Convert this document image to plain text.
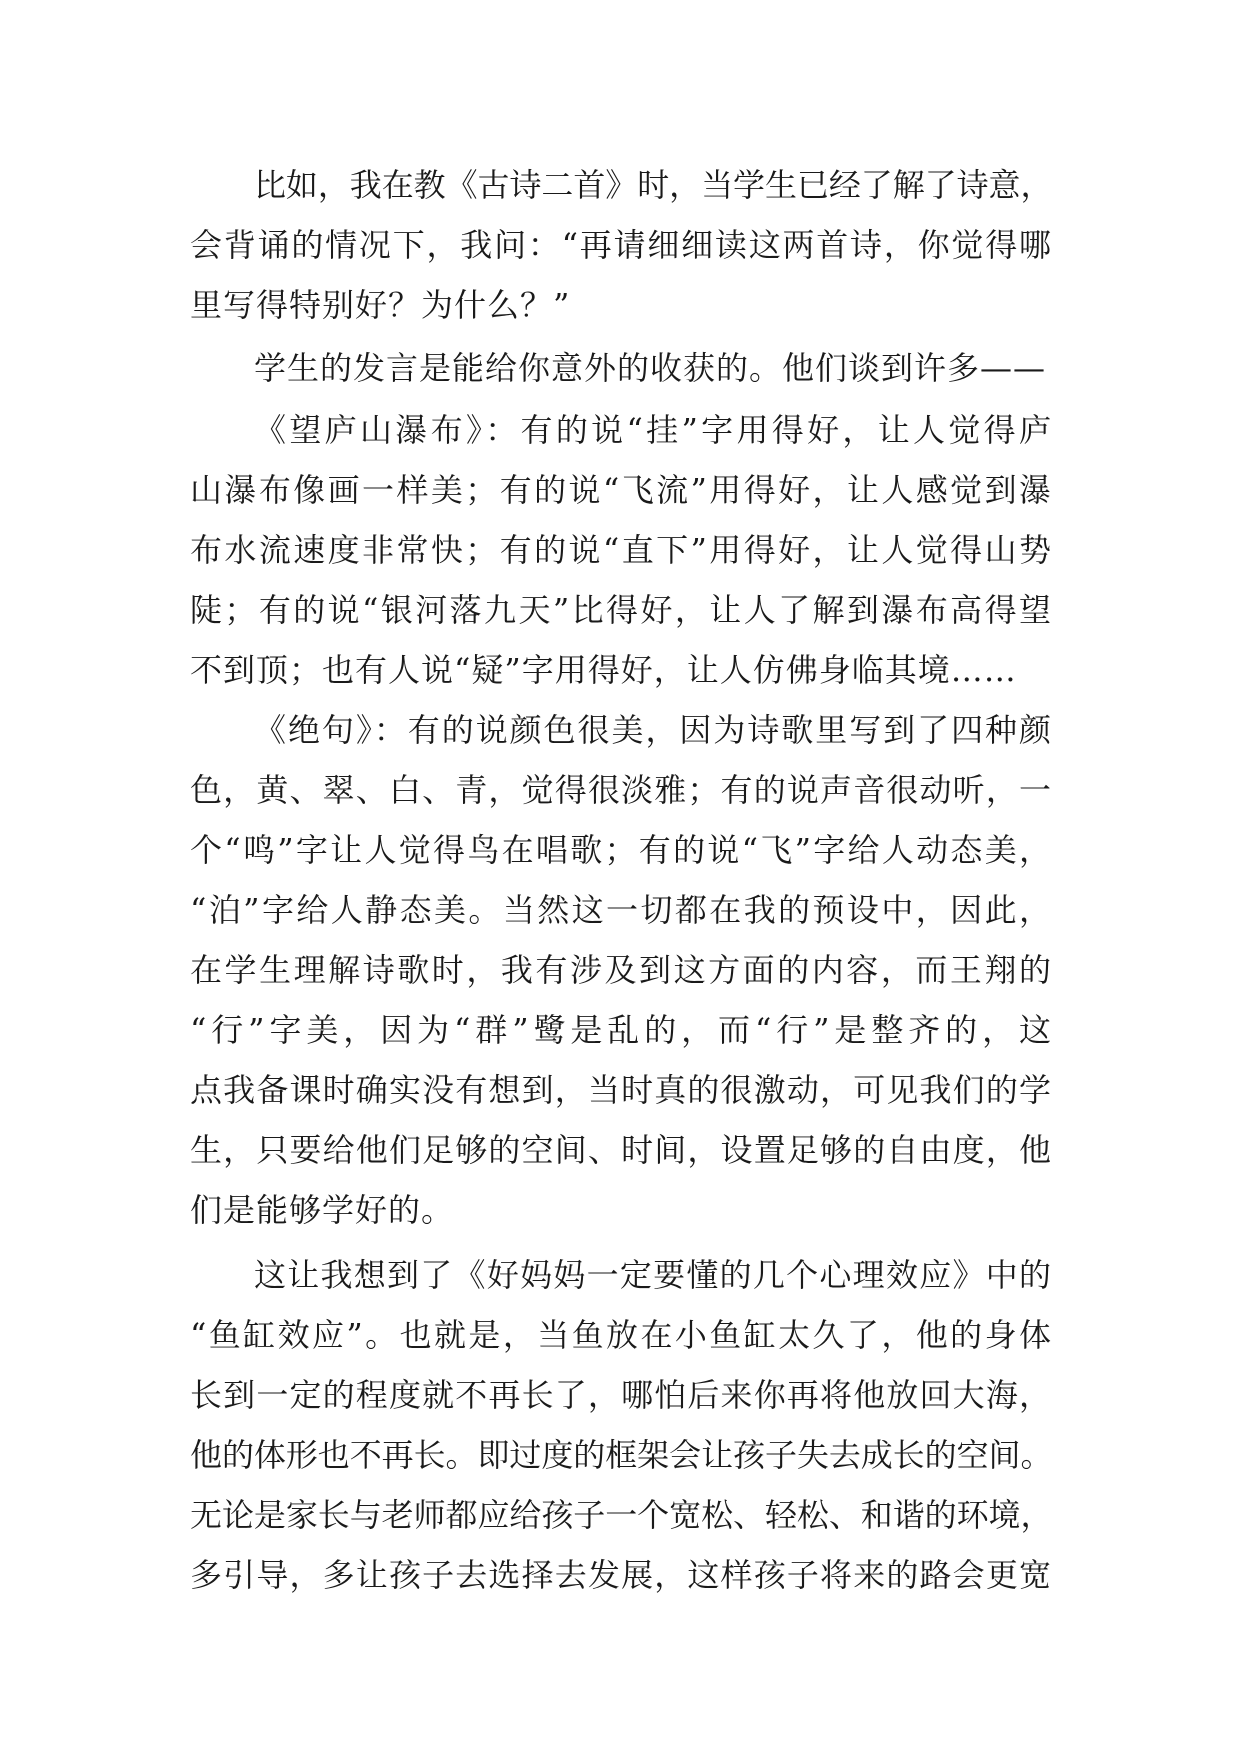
比如，我在教《古诗二首》时，当学生已经了解了诗意，
会背诵的情况下，我问：“再请细细读这两首诗，你觉得哪
里写得特别好？为什么？”
学生的发言是能给你意外的收获的。他们谈到许多——
《望庐山瀑布》：有的说“挂”字用得好，让人觉得庐
山瀑布像画一样美；有的说“飞流”用得好，让人感觉到瀑
布水流速度非常快；有的说“直下”用得好，让人觉得山势
陡；有的说“银河落九天”比得好，让人了解到瀑布高得望
不到顶；也有人说“疑”字用得好，让人仿佛身临其境……
《绝句》：有的说颜色很美，因为诗歌里写到了四种颜
色，黄、翠、白、青，觉得很淡雅；有的说声音很动听，一
个“鸣”字让人觉得鸟在唱歌；有的说“飞”字给人动态美，
“泊”字给人静态美。当然这一切都在我的预设中，因此，
在学生理解诗歌时，我有涉及到这方面的内容，而王翔的
“行”字美，因为“群”鹭是乱的，而“行”是整齐的，这
点我备课时确实没有想到，当时真的很激动，可见我们的学
生，只要给他们足够的空间、时间，设置足够的自由度，他
们是能够学好的。
这让我想到了《好妈妈一定要懂的几个心理效应》中的
“鱼缸效应”。也就是，当鱼放在小鱼缸太久了，他的身体
长到一定的程度就不再长了，哪怕后来你再将他放回大海，
他的体形也不再长。即过度的框架会让孩子失去成长的空间。
无论是家长与老师都应给孩子一个宽松、轻松、和谐的环境，
多引导，多让孩子去选择去发展，这样孩子将来的路会更宽
